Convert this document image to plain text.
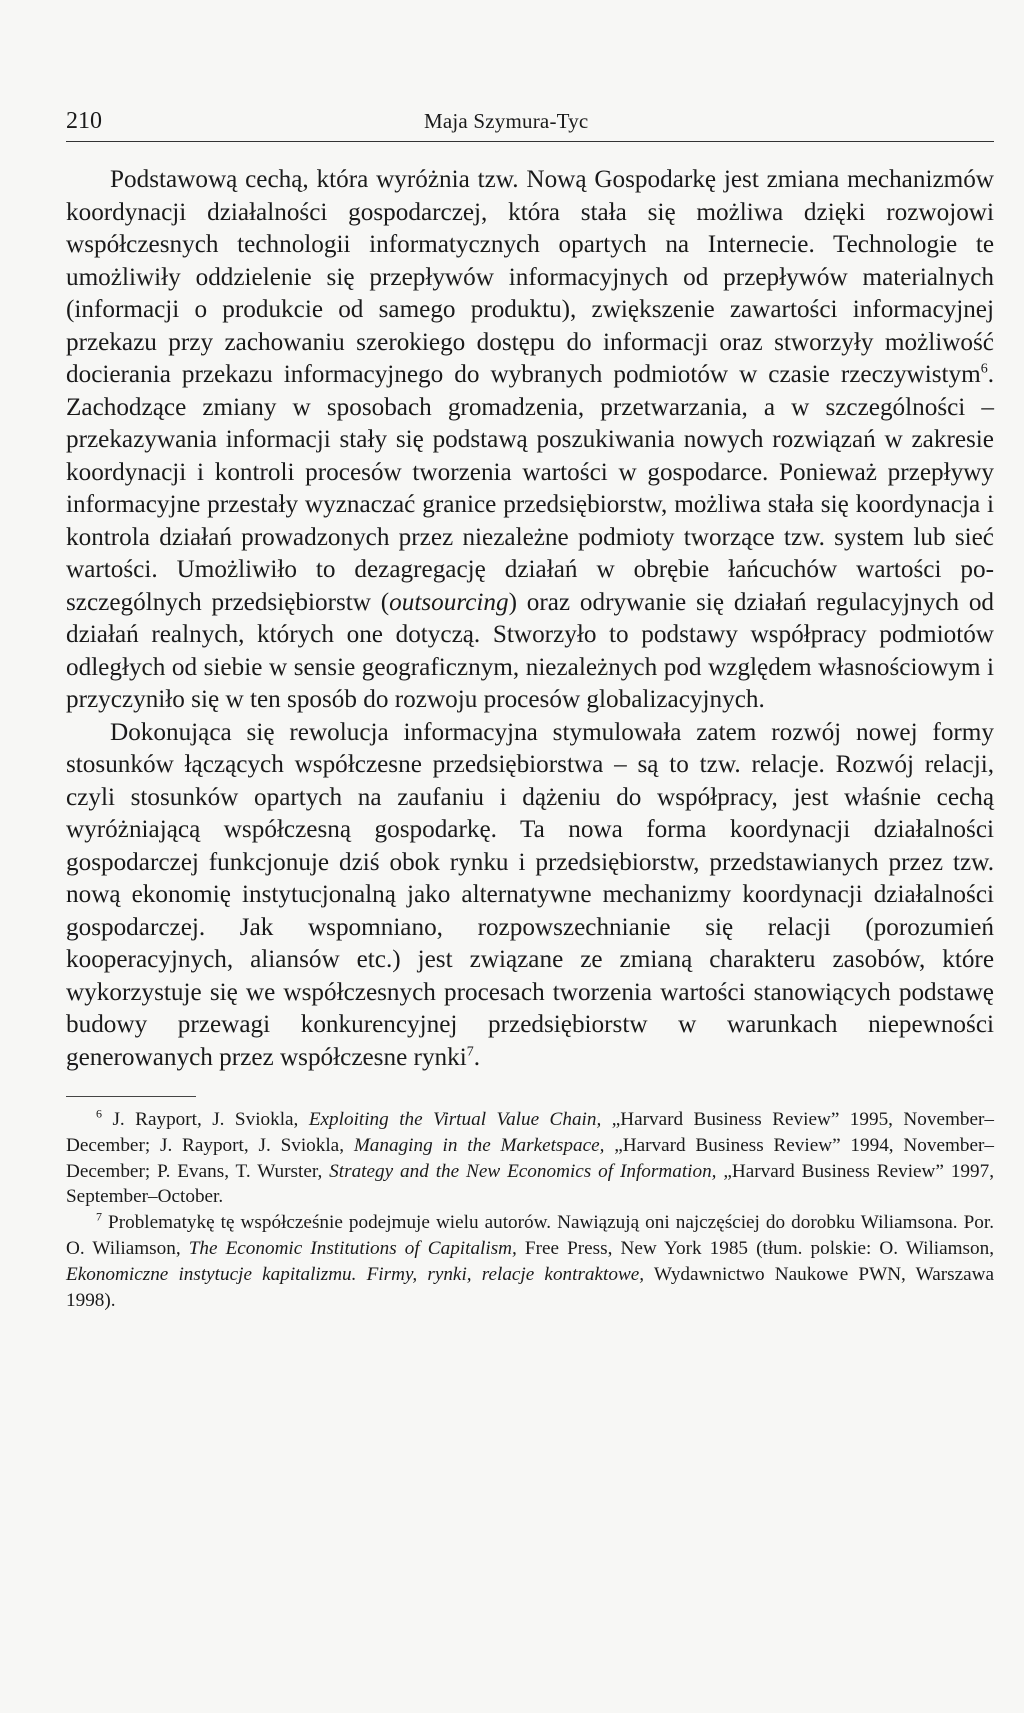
210	Maja Szymura-Tyc

Podstawową cechą, która wyróżnia tzw. Nową Gospodarkę jest zmiana mechanizmów koordynacji działalności gospodarczej, która stała się możliwa dzięki rozwojowi współczesnych technologii informatycznych opartych na Internecie. Technologie te umożliwiły oddzielenie się przepływów informacyjnych od przepływów materialnych (informacji o produkcie od samego produktu), zwiększenie zawartości informacyjnej przekazu przy zachowaniu szerokiego dostępu do informacji oraz stworzyły możliwość docierania przekazu informacyjnego do wybranych podmiotów w czasie rzeczywistym$^6$. Zachodzące zmiany w sposobach gromadzenia, przetwarzania, a w szczególności – przekazywania informacji stały się podstawą poszukiwania nowych rozwiązań w zakresie koordynacji i kontroli procesów tworzenia wartości w gospodarce. Ponieważ przepływy informacyjne przestały wyznaczać granice przedsiębiorstw, możliwa stała się koordynacja i kontrola działań prowadzonych przez niezależne podmioty tworzące tzw. system lub sieć wartości. Umożliwiło to dezagregację działań w obrębie łańcuchów wartości poszczególnych przedsiębiorstw (outsourcing) oraz odrywanie się działań regulacyjnych od działań realnych, których one dotyczą. Stworzyło to podstawy współpracy podmiotów odległych od siebie w sensie geograficznym, niezależnych pod względem własnościowym i przyczyniło się w ten sposób do rozwoju procesów globalizacyjnych.

Dokonująca się rewolucja informacyjna stymulowała zatem rozwój nowej formy stosunków łączących współczesne przedsiębiorstwa – są to tzw. relacje. Rozwój relacji, czyli stosunków opartych na zaufaniu i dążeniu do współpracy, jest właśnie cechą wyróżniającą współczesną gospodarkę. Ta nowa forma koordynacji działalności gospodarczej funkcjonuje dziś obok rynku i przedsiębiorstw, przedstawianych przez tzw. nową ekonomię instytucjonalną jako alternatywne mechanizmy koordynacji działalności gospodarczej. Jak wspomniano, rozpowszechnianie się relacji (porozumień kooperacyjnych, aliansów etc.) jest związane ze zmianą charakteru zasobów, które wykorzystuje się we współczesnych procesach tworzenia wartości stanowiących podstawę budowy przewagi konkurencyjnej przedsiębiorstw w warunkach niepewności generowanych przez współczesne rynki$^7$.

$^6$ J. Rayport, J. Sviokla, Exploiting the Virtual Value Chain, „Harvard Business Review” 1995, November–December; J. Rayport, J. Sviokla, Managing in the Marketspace, „Harvard Business Review” 1994, November–December; P. Evans, T. Wurster, Strategy and the New Economics of Information, „Harvard Business Review” 1997, September–October.

$^7$ Problematykę tę współcześnie podejmuje wielu autorów. Nawiązują oni najczęściej do dorobku Wiliamsona. Por. O. Wiliamson, The Economic Institutions of Capitalism, Free Press, New York 1985 (tłum. polskie: O. Wiliamson, Ekonomiczne instytucje kapitalizmu. Firmy, rynki, relacje kontraktowe, Wydawnictwo Naukowe PWN, Warszawa 1998).
